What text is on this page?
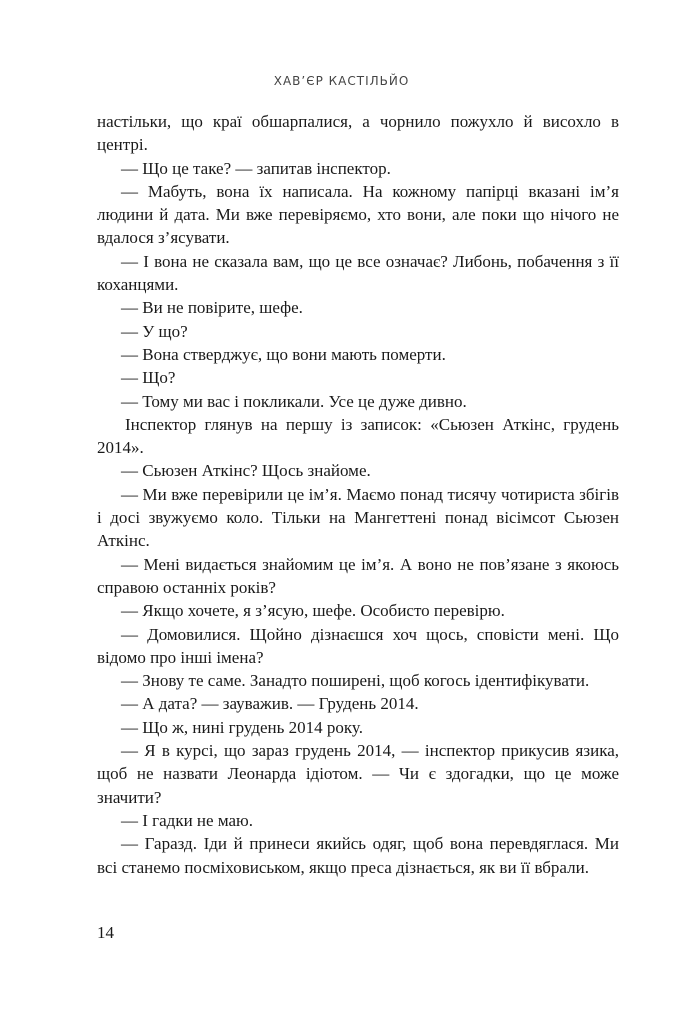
ХАВ’ЄР КАСТІЛЬЙО

настільки, що краї обшарпалися, а чорнило пожухло й висохло в центрі.

— Що це таке? — запитав інспектор.

— Мабуть, вона їх написала. На кожному папірці вказані ім’я людини й дата. Ми вже перевіряємо, хто вони, але поки що нічого не вдалося з’ясувати.

— І вона не сказала вам, що це все означає? Либонь, побачення з її коханцями.

— Ви не повірите, шефе.

— У що?

— Вона стверджує, що вони мають померти.

— Що?

— Тому ми вас і покликали. Усе це дуже дивно.

Інспектор глянув на першу із записок: «Сьюзен Аткінс, грудень 2014».

— Сьюзен Аткінс? Щось знайоме.

— Ми вже перевірили це ім’я. Маємо понад тисячу чотириста збігів і досі звужуємо коло. Тільки на Мангеттені понад вісімсот Сьюзен Аткінс.

— Мені видається знайомим це ім’я. А воно не пов’язане з якоюсь справою останніх років?

— Якщо хочете, я з’ясую, шефе. Особисто перевірю.

— Домовилися. Щойно дізнаєшся хоч щось, сповісти мені. Що відомо про інші імена?

— Знову те саме. Занадто поширені, щоб когось ідентифікувати.

— А дата? — зауважив. — Грудень 2014.

— Що ж, нині грудень 2014 року.

— Я в курсі, що зараз грудень 2014, — інспектор прикусив язика, щоб не назвати Леонарда ідіотом. — Чи є здогадки, що це може значити?

— І гадки не маю.

— Гаразд. Іди й принеси якийсь одяг, щоб вона перевдяглася. Ми всі станемо посміховиськом, якщо преса дізнається, як ви її вбрали.

14
